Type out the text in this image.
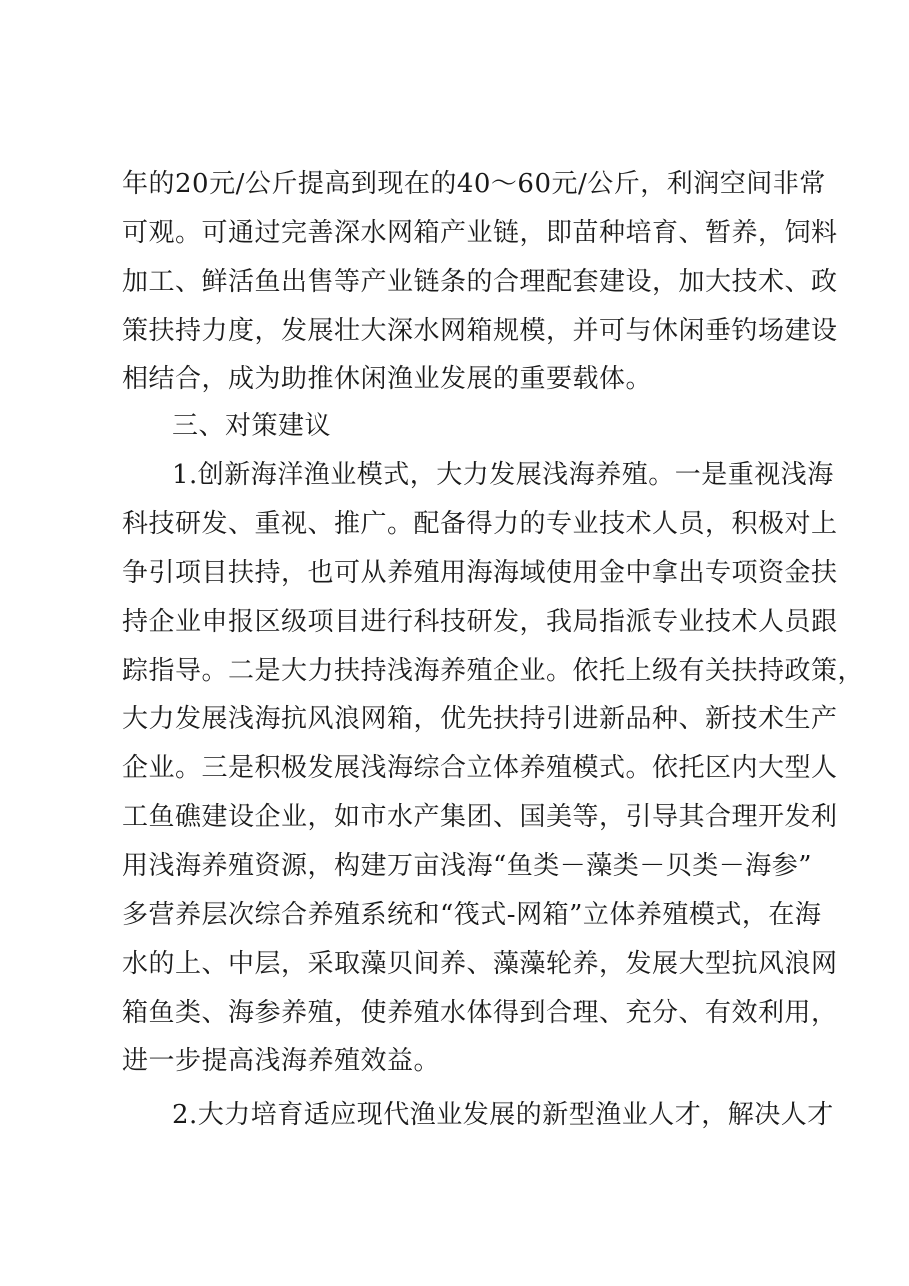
年的20元/公斤提高到现在的40～60元/公斤，利润空间非常
可观。可通过完善深水网箱产业链，即苗种培育、暂养，饲料
加工、鲜活鱼出售等产业链条的合理配套建设，加大技术、政
策扶持力度，发展壮大深水网箱规模，并可与休闲垂钓场建设
相结合，成为助推休闲渔业发展的重要载体。
三、对策建议
1.创新海洋渔业模式，大力发展浅海养殖。一是重视浅海
科技研发、重视、推广。配备得力的专业技术人员，积极对上
争引项目扶持，也可从养殖用海海域使用金中拿出专项资金扶
持企业申报区级项目进行科技研发，我局指派专业技术人员跟
踪指导。二是大力扶持浅海养殖企业。依托上级有关扶持政策，
大力发展浅海抗风浪网箱，优先扶持引进新品种、新技术生产
企业。三是积极发展浅海综合立体养殖模式。依托区内大型人
工鱼礁建设企业，如市水产集团、国美等，引导其合理开发利
用浅海养殖资源，构建万亩浅海“鱼类－藻类－贝类－海参”
多营养层次综合养殖系统和“筏式-网箱”立体养殖模式，在海
水的上、中层，采取藻贝间养、藻藻轮养，发展大型抗风浪网
箱鱼类、海参养殖，使养殖水体得到合理、充分、有效利用，
进一步提高浅海养殖效益。
2.大力培育适应现代渔业发展的新型渔业人才，解决人才
